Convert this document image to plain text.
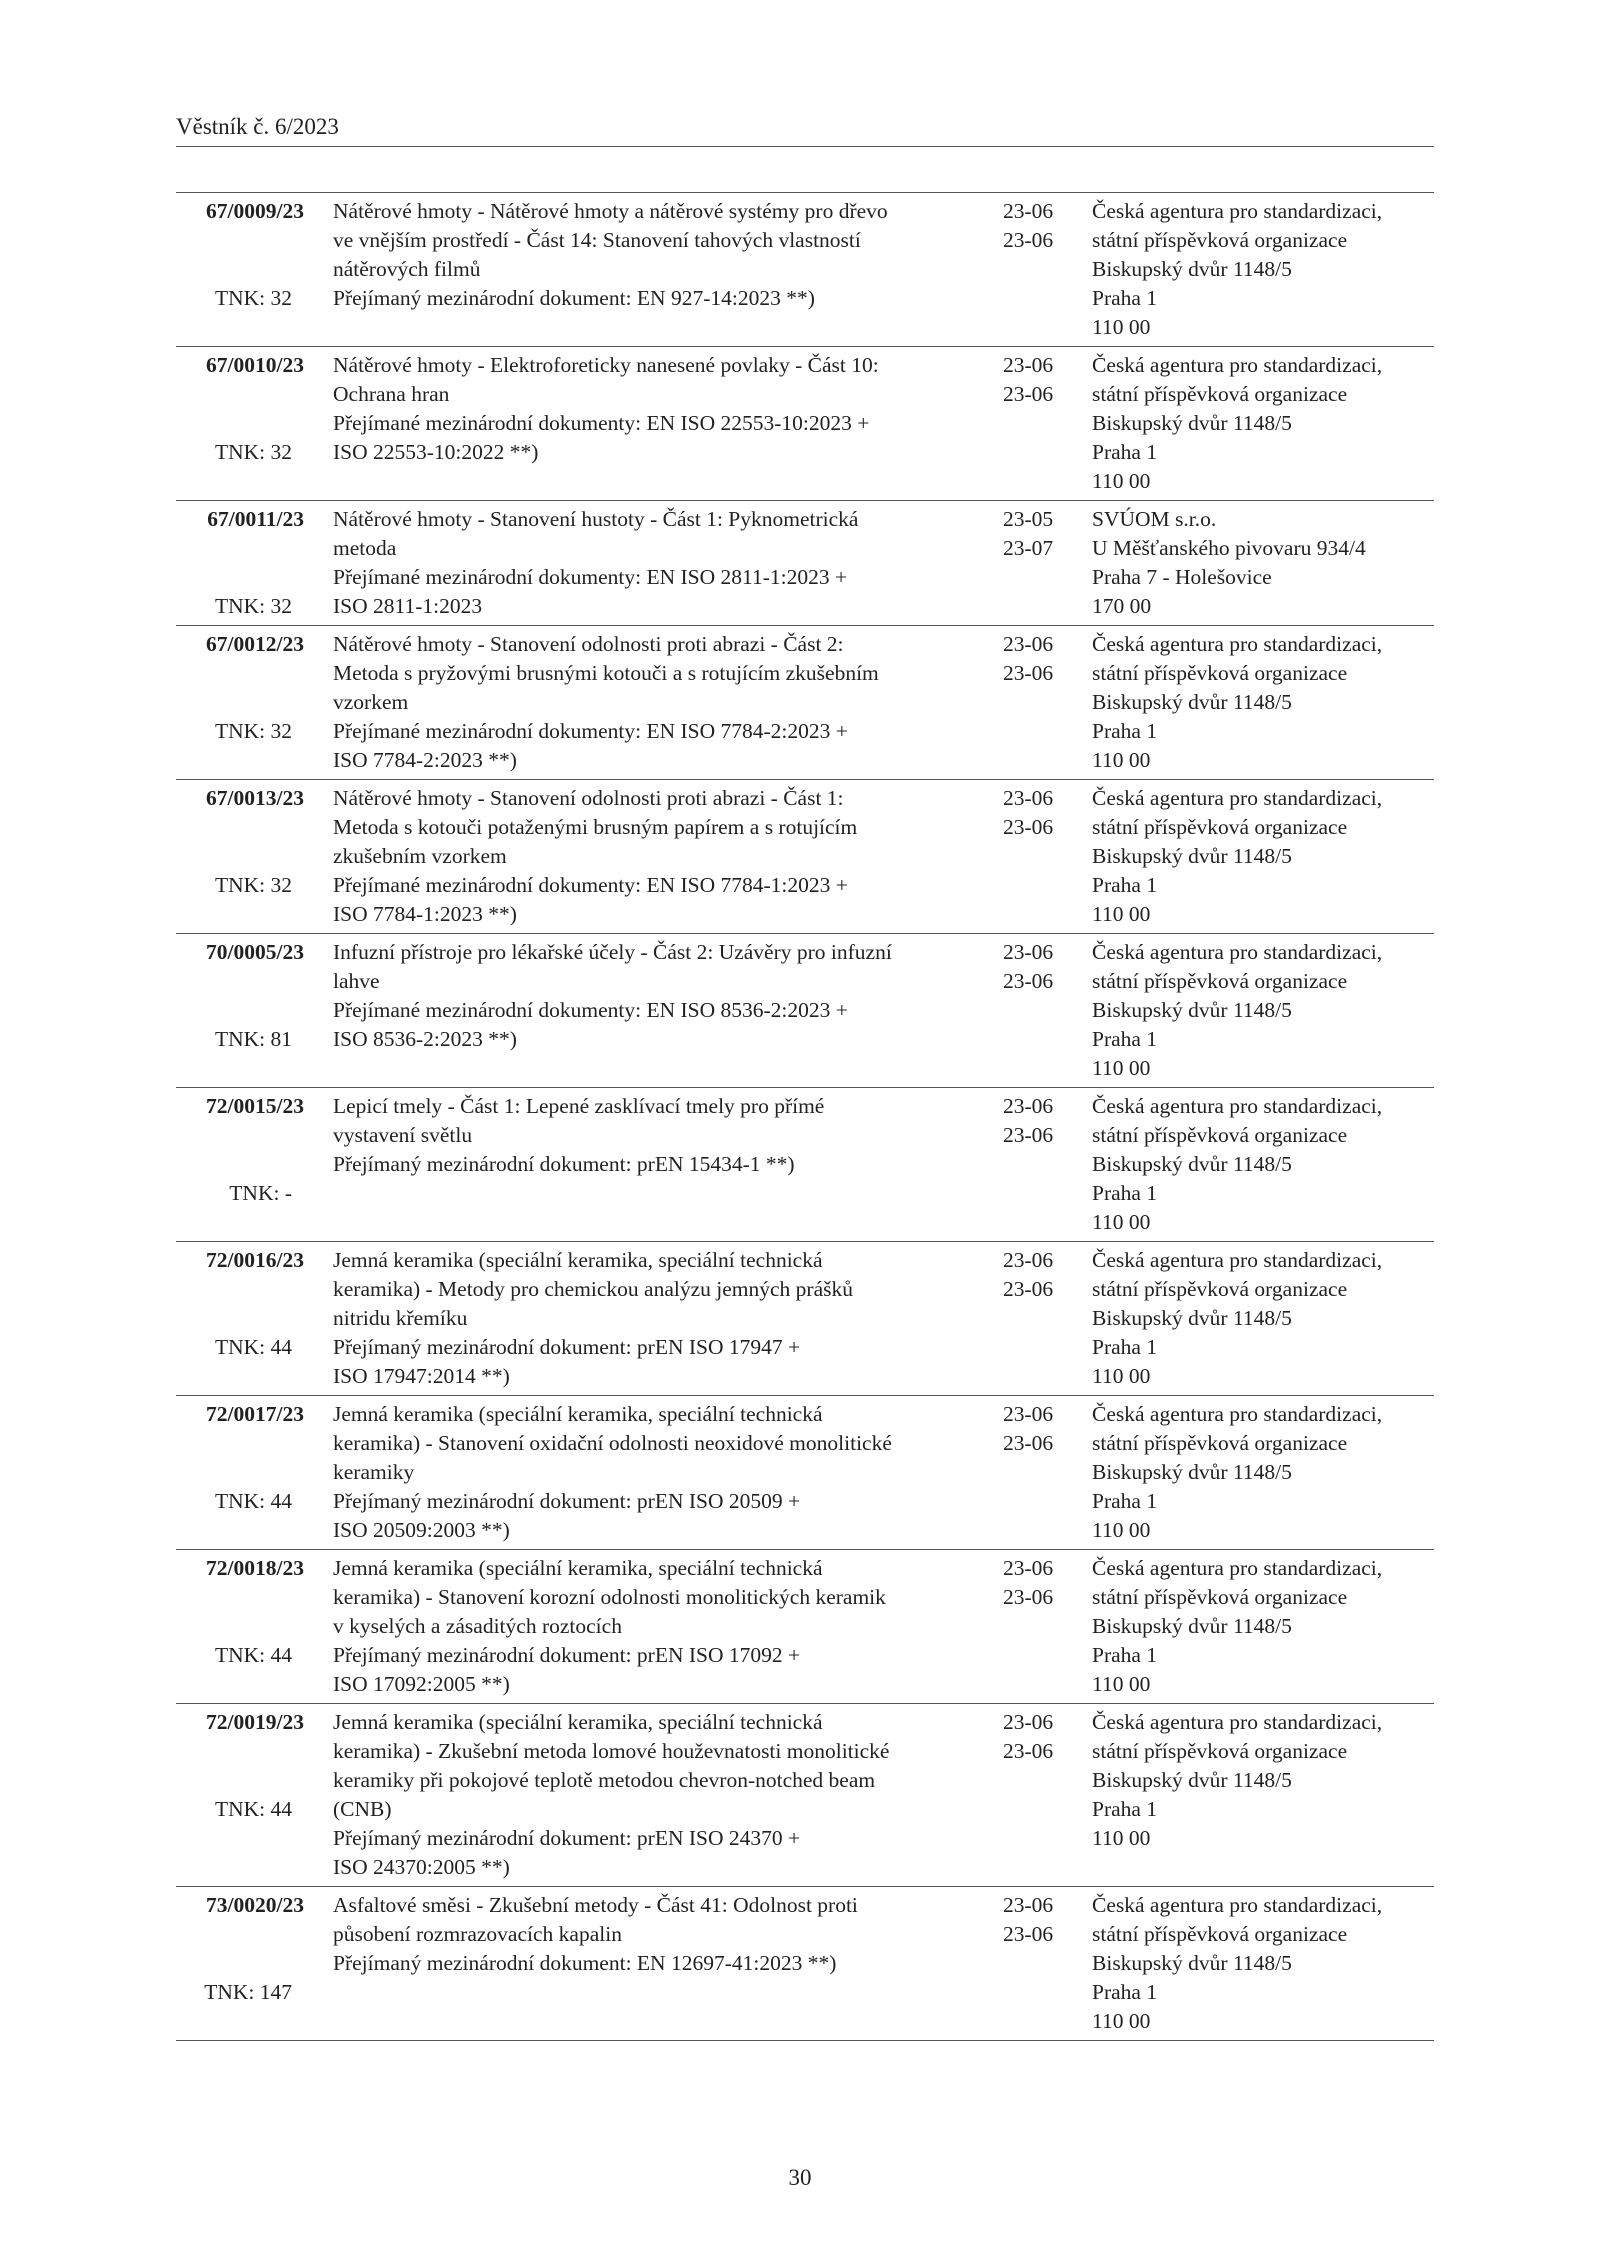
Věstník č. 6/2023
67/0009/23
TNK: 32
Nátěrové hmoty - Nátěrové hmoty a nátěrové systémy pro dřevo
ve vnějším prostředí - Část 14: Stanovení tahových vlastností
nátěrových filmů
Přejímaný mezinárodní dokument: EN 927-14:2023 **)
23-06
23-06
Česká agentura pro standardizaci,
státní příspěvková organizace
Biskupský dvůr 1148/5
Praha 1
110 00
67/0010/23
TNK: 32
Nátěrové hmoty - Elektroforeticky nanesené povlaky - Část 10:
Ochrana hran
Přejímané mezinárodní dokumenty: EN ISO 22553-10:2023 +
ISO 22553-10:2022 **)
23-06
23-06
Česká agentura pro standardizaci,
státní příspěvková organizace
Biskupský dvůr 1148/5
Praha 1
110 00
67/0011/23
TNK: 32
Nátěrové hmoty - Stanovení hustoty - Část 1: Pyknometrická
metoda
Přejímané mezinárodní dokumenty: EN ISO 2811-1:2023 +
ISO 2811-1:2023
23-05
23-07
SVÚOM s.r.o.
U Měšťanského pivovaru 934/4
Praha 7 - Holešovice
170 00
67/0012/23
TNK: 32
Nátěrové hmoty - Stanovení odolnosti proti abrazi - Část 2:
Metoda s pryžovými brusnými kotouči a s rotujícím zkušebním
vzorkem
Přejímané mezinárodní dokumenty: EN ISO 7784-2:2023 +
ISO 7784-2:2023 **)
23-06
23-06
Česká agentura pro standardizaci,
státní příspěvková organizace
Biskupský dvůr 1148/5
Praha 1
110 00
67/0013/23
TNK: 32
Nátěrové hmoty - Stanovení odolnosti proti abrazi - Část 1:
Metoda s kotouči potaženými brusným papírem a s rotujícím
zkušebním vzorkem
Přejímané mezinárodní dokumenty: EN ISO 7784-1:2023 +
ISO 7784-1:2023 **)
23-06
23-06
Česká agentura pro standardizaci,
státní příspěvková organizace
Biskupský dvůr 1148/5
Praha 1
110 00
70/0005/23
TNK: 81
Infuzní přístroje pro lékařské účely - Část 2: Uzávěry pro infuzní
lahve
Přejímané mezinárodní dokumenty: EN ISO 8536-2:2023 +
ISO 8536-2:2023 **)
23-06
23-06
Česká agentura pro standardizaci,
státní příspěvková organizace
Biskupský dvůr 1148/5
Praha 1
110 00
72/0015/23
TNK: -
Lepicí tmely - Část 1: Lepené zasklívací tmely pro přímé
vystavení světlu
Přejímaný mezinárodní dokument: prEN 15434-1 **)
23-06
23-06
Česká agentura pro standardizaci,
státní příspěvková organizace
Biskupský dvůr 1148/5
Praha 1
110 00
72/0016/23
TNK: 44
Jemná keramika (speciální keramika, speciální technická
keramika) - Metody pro chemickou analýzu jemných prášků
nitridu křemíku
Přejímaný mezinárodní dokument: prEN ISO 17947 +
ISO 17947:2014 **)
23-06
23-06
Česká agentura pro standardizaci,
státní příspěvková organizace
Biskupský dvůr 1148/5
Praha 1
110 00
72/0017/23
TNK: 44
Jemná keramika (speciální keramika, speciální technická
keramika) - Stanovení oxidační odolnosti neoxidové monolitické
keramiky
Přejímaný mezinárodní dokument: prEN ISO 20509 +
ISO 20509:2003 **)
23-06
23-06
Česká agentura pro standardizaci,
státní příspěvková organizace
Biskupský dvůr 1148/5
Praha 1
110 00
72/0018/23
TNK: 44
Jemná keramika (speciální keramika, speciální technická
keramika) - Stanovení korozní odolnosti monolitických keramik
v kyselých a zásaditých roztocích
Přejímaný mezinárodní dokument: prEN ISO 17092 +
ISO 17092:2005 **)
23-06
23-06
Česká agentura pro standardizaci,
státní příspěvková organizace
Biskupský dvůr 1148/5
Praha 1
110 00
72/0019/23
TNK: 44
Jemná keramika (speciální keramika, speciální technická
keramika) - Zkušební metoda lomové houževnatosti monolitické
keramiky při pokojové teplotě metodou chevron-notched beam
(CNB)
Přejímaný mezinárodní dokument: prEN ISO 24370 +
ISO 24370:2005 **)
23-06
23-06
Česká agentura pro standardizaci,
státní příspěvková organizace
Biskupský dvůr 1148/5
Praha 1
110 00
73/0020/23
TNK: 147
Asfaltové směsi - Zkušební metody - Část 41: Odolnost proti
působení rozmrazovacích kapalin
Přejímaný mezinárodní dokument: EN 12697-41:2023 **)
23-06
23-06
Česká agentura pro standardizaci,
státní příspěvková organizace
Biskupský dvůr 1148/5
Praha 1
110 00
30
